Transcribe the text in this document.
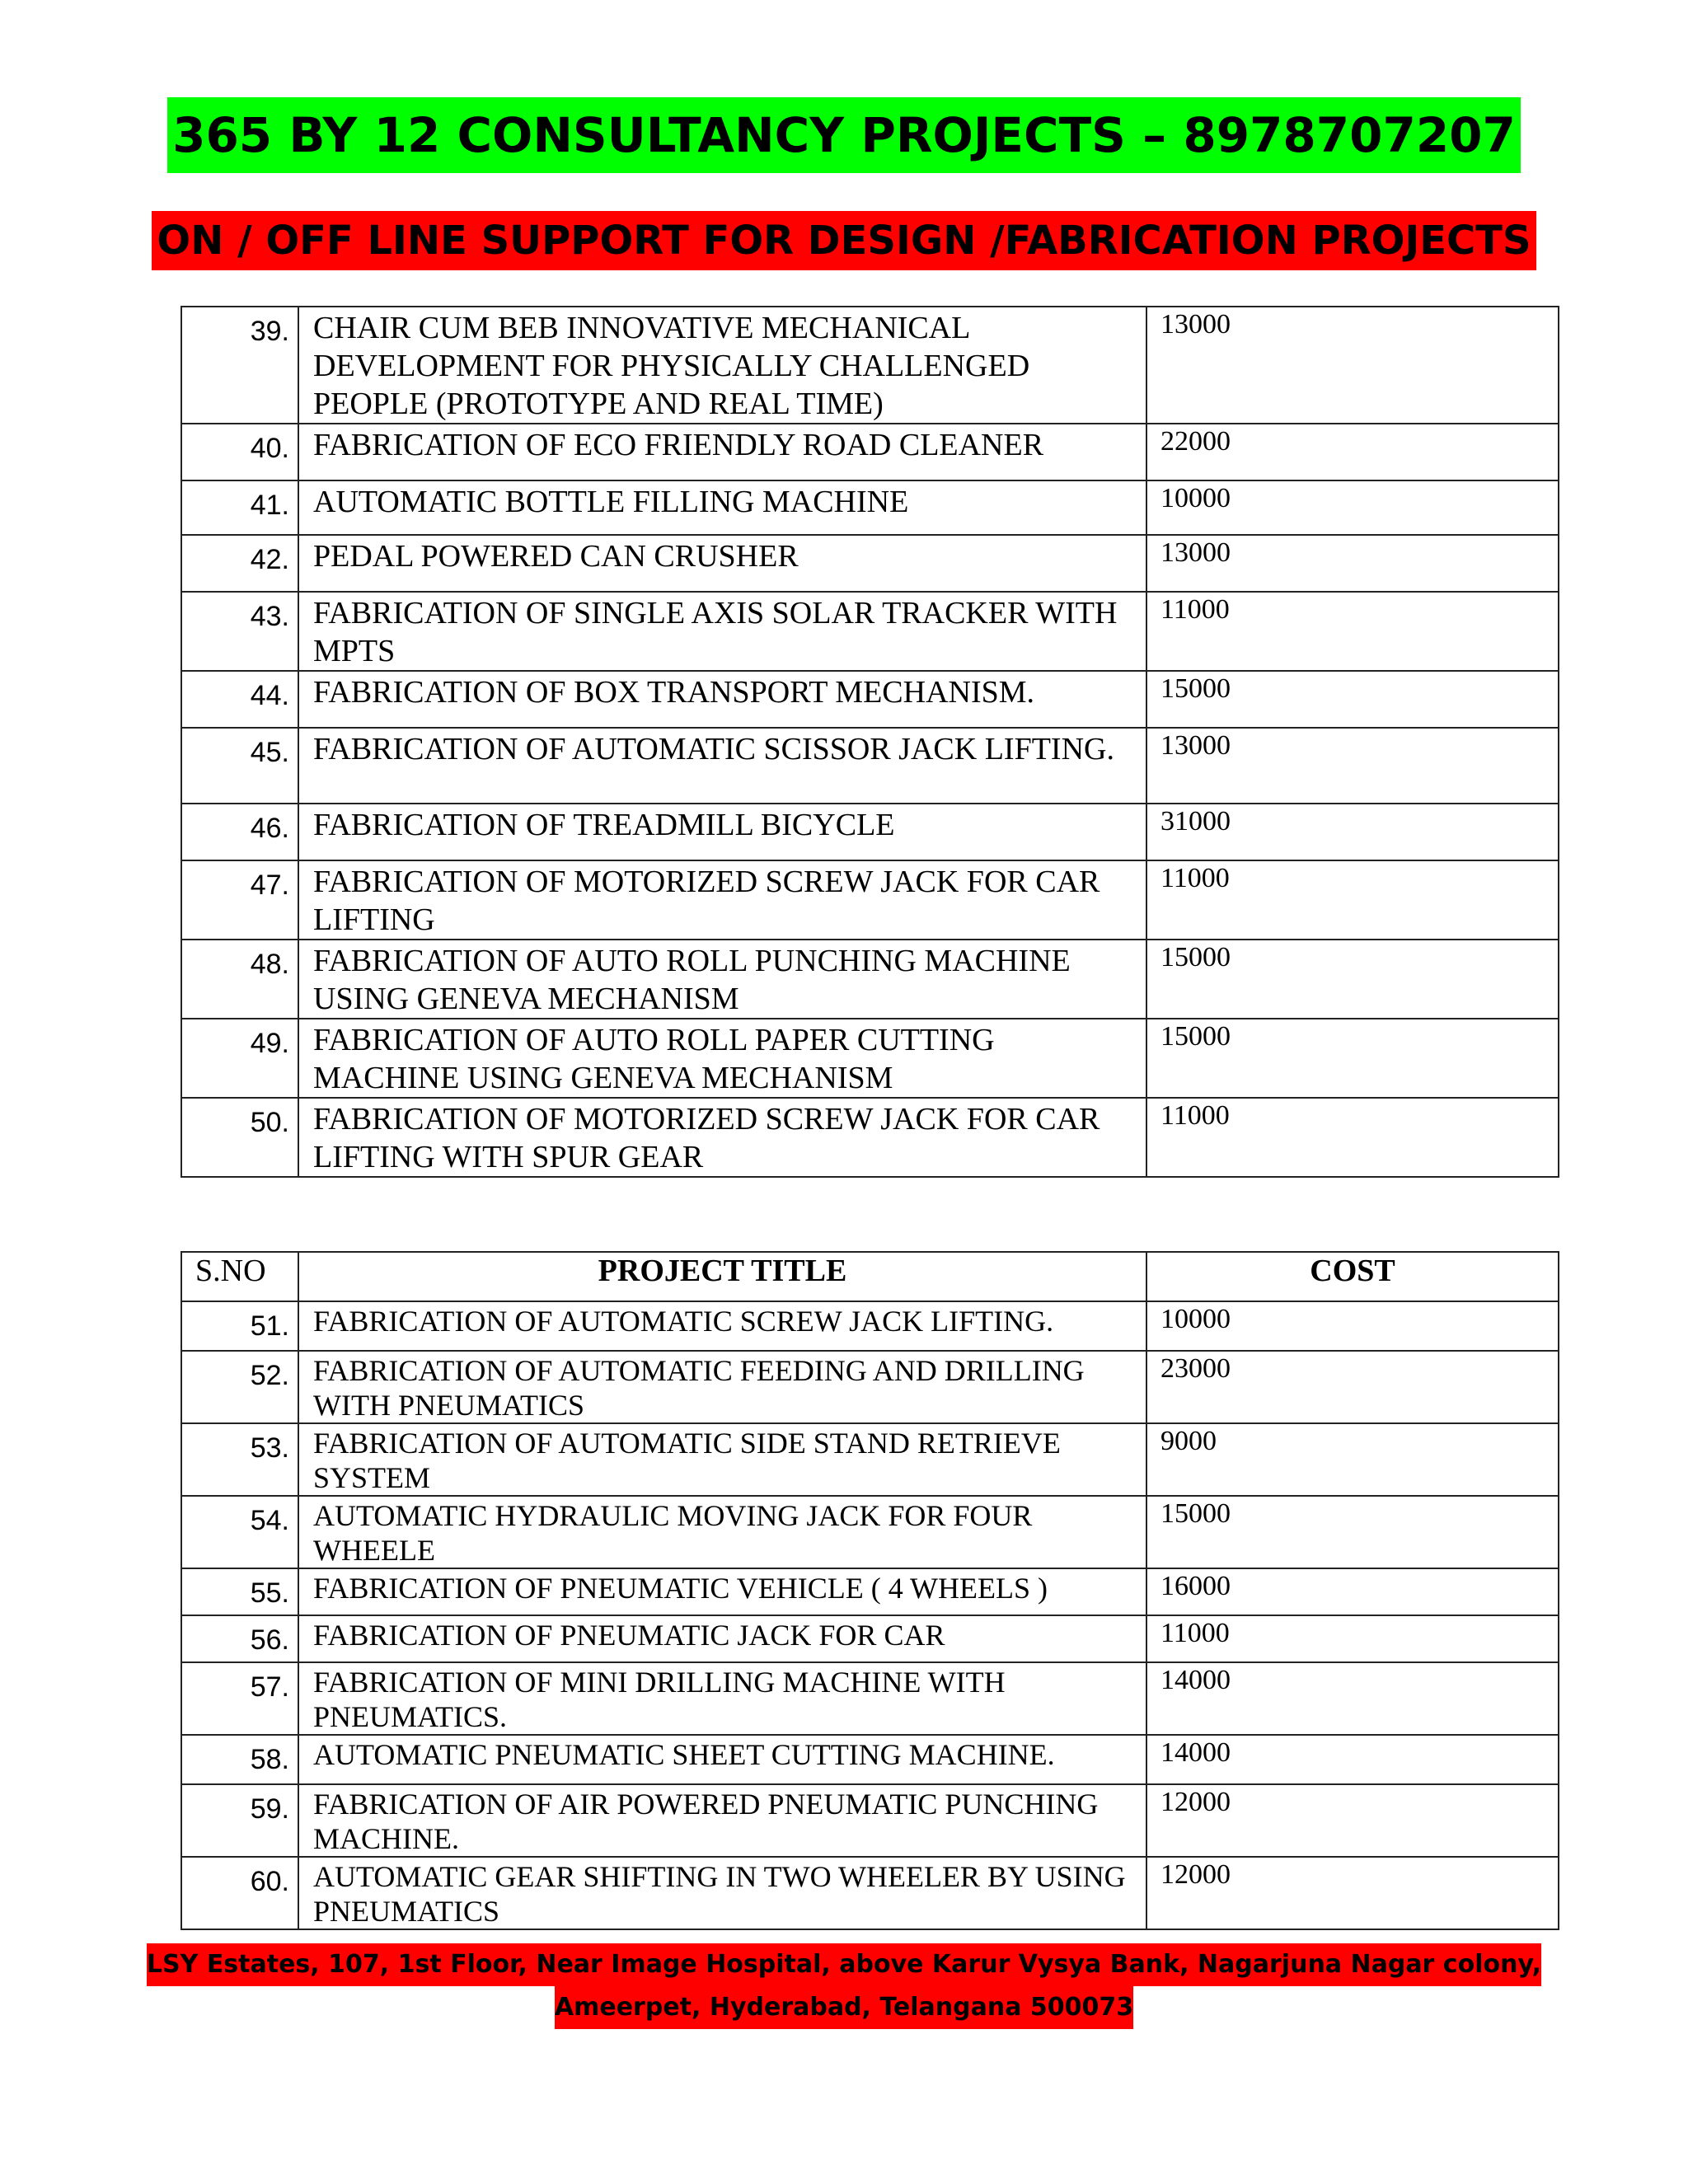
365 BY 12 CONSULTANCY PROJECTS – 8978707207
ON / OFF LINE SUPPORT FOR DESIGN /FABRICATION PROJECTS
39.	CHAIR CUM BEB INNOVATIVE MECHANICAL DEVELOPMENT FOR PHYSICALLY CHALLENGED PEOPLE (PROTOTYPE AND REAL TIME)	13000
40.	FABRICATION OF ECO FRIENDLY ROAD CLEANER	22000
41.	AUTOMATIC BOTTLE FILLING MACHINE	10000
42.	PEDAL POWERED CAN CRUSHER	13000
43.	FABRICATION OF SINGLE AXIS SOLAR TRACKER WITH MPTS	11000
44.	FABRICATION OF BOX TRANSPORT MECHANISM.	15000
45.	FABRICATION OF AUTOMATIC SCISSOR JACK LIFTING.	13000
46.	FABRICATION OF TREADMILL BICYCLE	31000
47.	FABRICATION OF MOTORIZED SCREW JACK FOR CAR LIFTING	11000
48.	FABRICATION OF AUTO ROLL PUNCHING MACHINE USING GENEVA MECHANISM	15000
49.	FABRICATION OF AUTO ROLL PAPER CUTTING MACHINE USING GENEVA MECHANISM	15000
50.	FABRICATION OF MOTORIZED SCREW JACK FOR CAR LIFTING WITH SPUR GEAR	11000
S.NO	PROJECT TITLE	COST
51.	FABRICATION OF AUTOMATIC SCREW JACK LIFTING.	10000
52.	FABRICATION OF AUTOMATIC FEEDING AND DRILLING WITH PNEUMATICS	23000
53.	FABRICATION OF AUTOMATIC SIDE STAND RETRIEVE SYSTEM	9000
54.	AUTOMATIC HYDRAULIC MOVING JACK FOR FOUR WHEELE	15000
55.	FABRICATION OF PNEUMATIC VEHICLE ( 4 WHEELS )	16000
56.	FABRICATION OF PNEUMATIC JACK FOR CAR	11000
57.	FABRICATION OF MINI DRILLING MACHINE WITH PNEUMATICS.	14000
58.	AUTOMATIC PNEUMATIC SHEET CUTTING MACHINE.	14000
59.	FABRICATION OF AIR POWERED PNEUMATIC PUNCHING MACHINE.	12000
60.	AUTOMATIC GEAR SHIFTING IN TWO WHEELER BY USING PNEUMATICS	12000
LSY Estates, 107, 1st Floor, Near Image Hospital, above Karur Vysya Bank, Nagarjuna Nagar colony,
Ameerpet, Hyderabad, Telangana 500073
